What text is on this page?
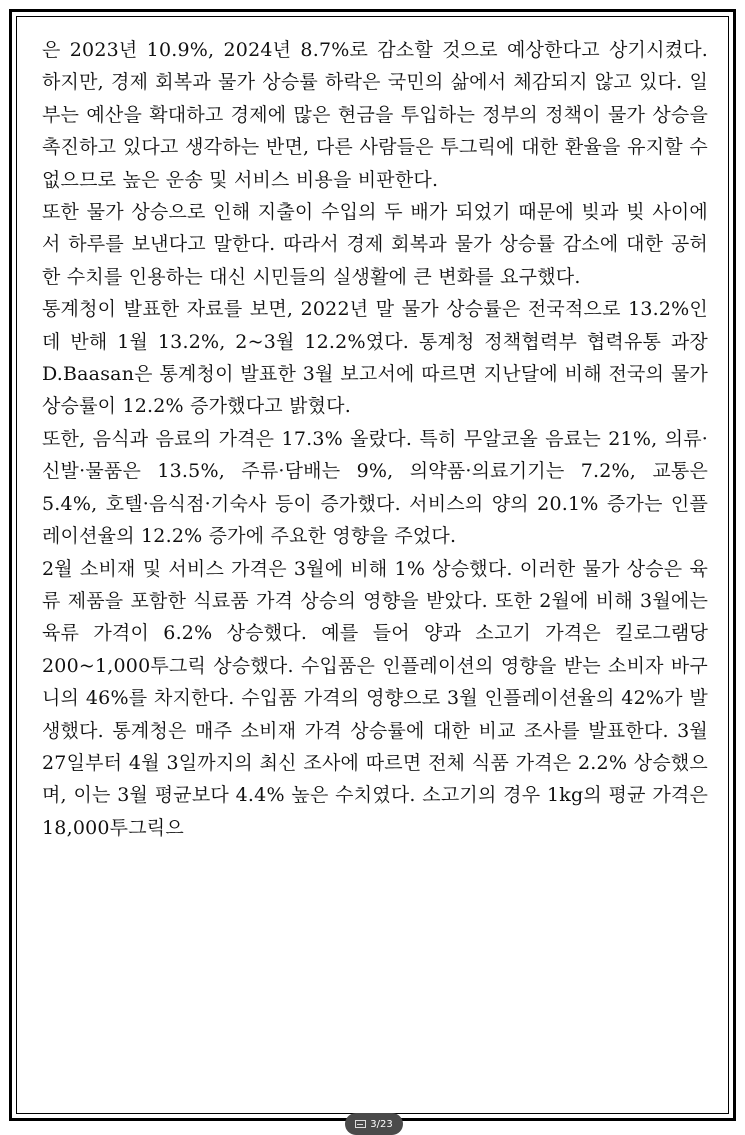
은 2023년 10.9%, 2024년 8.7%로 감소할 것으로 예상한다고 상기시켰다. 하지만, 경제 회복과 물가 상승률 하락은 국민의 삶에서 체감되지 않고 있다. 일부는 예산을 확대하고 경제에 많은 현금을 투입하는 정부의 정책이 물가 상승을 촉진하고 있다고 생각하는 반면, 다른 사람들은 투그릭에 대한 환율을 유지할 수 없으므로 높은 운송 및 서비스 비용을 비판한다.

또한 물가 상승으로 인해 지출이 수입의 두 배가 되었기 때문에 빚과 빚 사이에서 하루를 보낸다고 말한다. 따라서 경제 회복과 물가 상승률 감소에 대한 공허한 수치를 인용하는 대신 시민들의 실생활에 큰 변화를 요구했다.

통계청이 발표한 자료를 보면, 2022년 말 물가 상승률은 전국적으로 13.2%인데 반해 1월 13.2%, 2~3월 12.2%였다. 통계청 정책협력부 협력유통 과장 D.Baasan은 통계청이 발표한 3월 보고서에 따르면 지난달에 비해 전국의 물가 상승률이 12.2% 증가했다고 밝혔다.

또한, 음식과 음료의 가격은 17.3% 올랐다. 특히 무알코올 음료는 21%, 의류·신발·물품은 13.5%, 주류·담배는 9%, 의약품·의료기기는 7.2%, 교통은 5.4%, 호텔·음식점·기숙사 등이 증가했다. 서비스의 양의 20.1% 증가는 인플레이션율의 12.2% 증가에 주요한 영향을 주었다.

2월 소비재 및 서비스 가격은 3월에 비해 1% 상승했다. 이러한 물가 상승은 육류 제품을 포함한 식료품 가격 상승의 영향을 받았다. 또한 2월에 비해 3월에는 육류 가격이 6.2% 상승했다. 예를 들어 양과 소고기 가격은 킬로그램당 200~1,000투그릭 상승했다. 수입품은 인플레이션의 영향을 받는 소비자 바구니의 46%를 차지한다. 수입품 가격의 영향으로 3월 인플레이션율의 42%가 발생했다. 통계청은 매주 소비재 가격 상승률에 대한 비교 조사를 발표한다. 3월 27일부터 4월 3일까지의 최신 조사에 따르면 전체 식품 가격은 2.2% 상승했으며, 이는 3월 평균보다 4.4% 높은 수치였다. 소고기의 경우 1kg의 평균 가격은 18,000투그릭으

3/23
